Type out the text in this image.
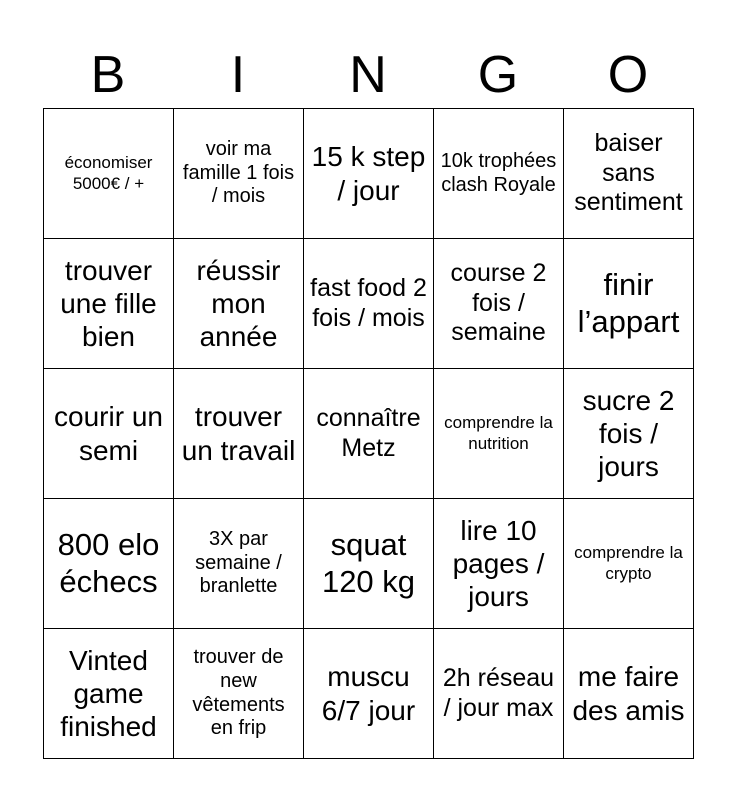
B	I	N	G	O
économiser 5000€ / +	voir ma famille 1 fois / mois	15 k step / jour	10k trophées clash Royale	baiser sans sentiment
trouver une fille bien	réussir mon année	fast food 2 fois / mois	course 2 fois / semaine	finir l’appart
courir un semi	trouver un travail	connaître Metz	comprendre la nutrition	sucre 2 fois / jours
800 elo échecs	3X par semaine / branlette	squat 120 kg	lire 10 pages / jours	comprendre la crypto
Vinted game finished	trouver de new vêtements en frip	muscu 6/7 jour	2h réseau / jour max	me faire des amis
